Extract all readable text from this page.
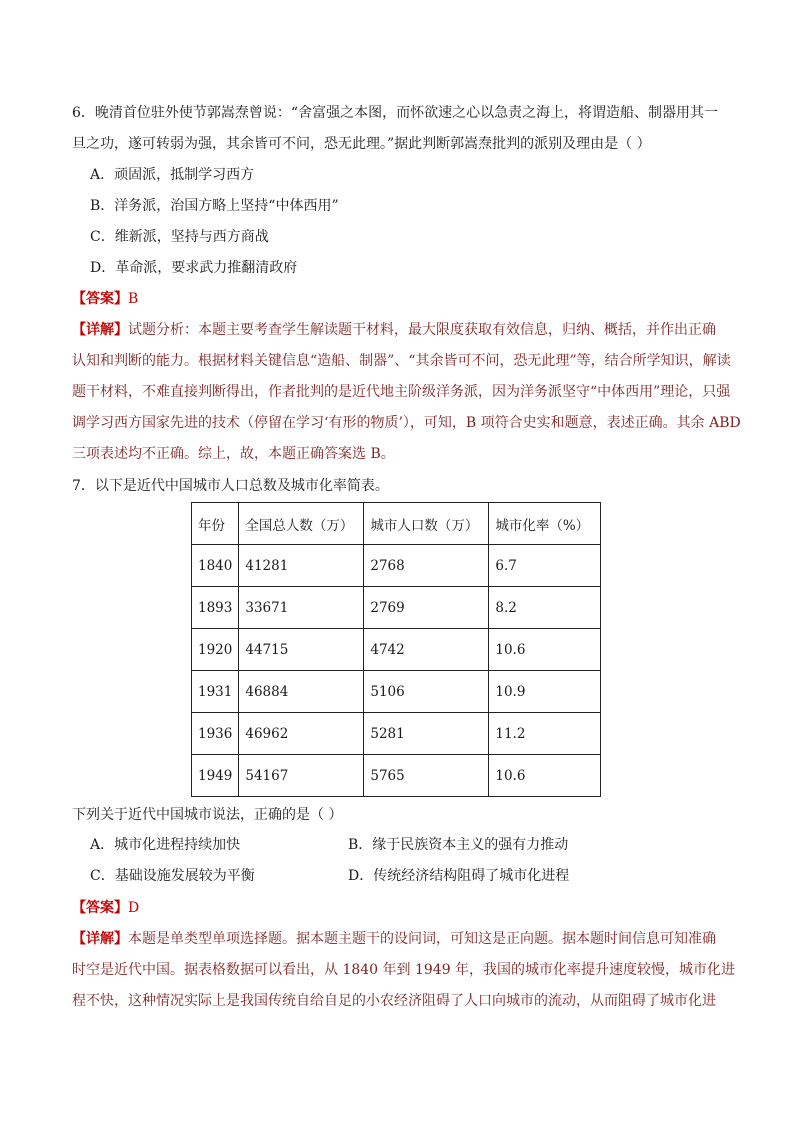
6．晚清首位驻外使节郭嵩焘曾说：“舍富强之本图，而怀欲速之心以急责之海上，将谓造船、制器用其一

旦之功，遂可转弱为强，其余皆可不问，恐无此理。”据此判断郭嵩焘批判的派别及理由是（ ）

A．顽固派，抵制学习西方

B．洋务派，治国方略上坚持“中体西用”

C．维新派，坚持与西方商战

D．革命派，要求武力推翻清政府

【答案】B

【详解】试题分析：本题主要考查学生解读题干材料，最大限度获取有效信息，归纳、概括，并作出正确

认知和判断的能力。根据材料关键信息“造船、制器”、“其余皆可不问，恐无此理”等，结合所学知识，解读

题干材料，不难直接判断得出，作者批判的是近代地主阶级洋务派，因为洋务派坚守“中体西用”理论，只强

调学习西方国家先进的技术（停留在学习‘有形的物质’），可知，B 项符合史实和题意，表述正确。其余 ABD

三项表述均不正确。综上，故，本题正确答案选 B。

7．以下是近代中国城市人口总数及城市化率简表。

年份	全国总人数（万）	城市人口数（万）	城市化率（%）
1840	41281	2768	6.7
1893	33671	2769	8.2
1920	44715	4742	10.6
1931	46884	5106	10.9
1936	46962	5281	11.2
1949	54167	5765	10.6

下列关于近代中国城市说法，正确的是（ ）

A．城市化进程持续加快	B．缘于民族资本主义的强有力推动

C．基础设施发展较为平衡	D．传统经济结构阻碍了城市化进程

【答案】D

【详解】本题是单类型单项选择题。据本题主题干的设问词，可知这是正向题。据本题时间信息可知准确

时空是近代中国。据表格数据可以看出，从 1840 年到 1949 年，我国的城市化率提升速度较慢，城市化进

程不快，这种情况实际上是我国传统自给自足的小农经济阻碍了人口向城市的流动，从而阻碍了城市化进
